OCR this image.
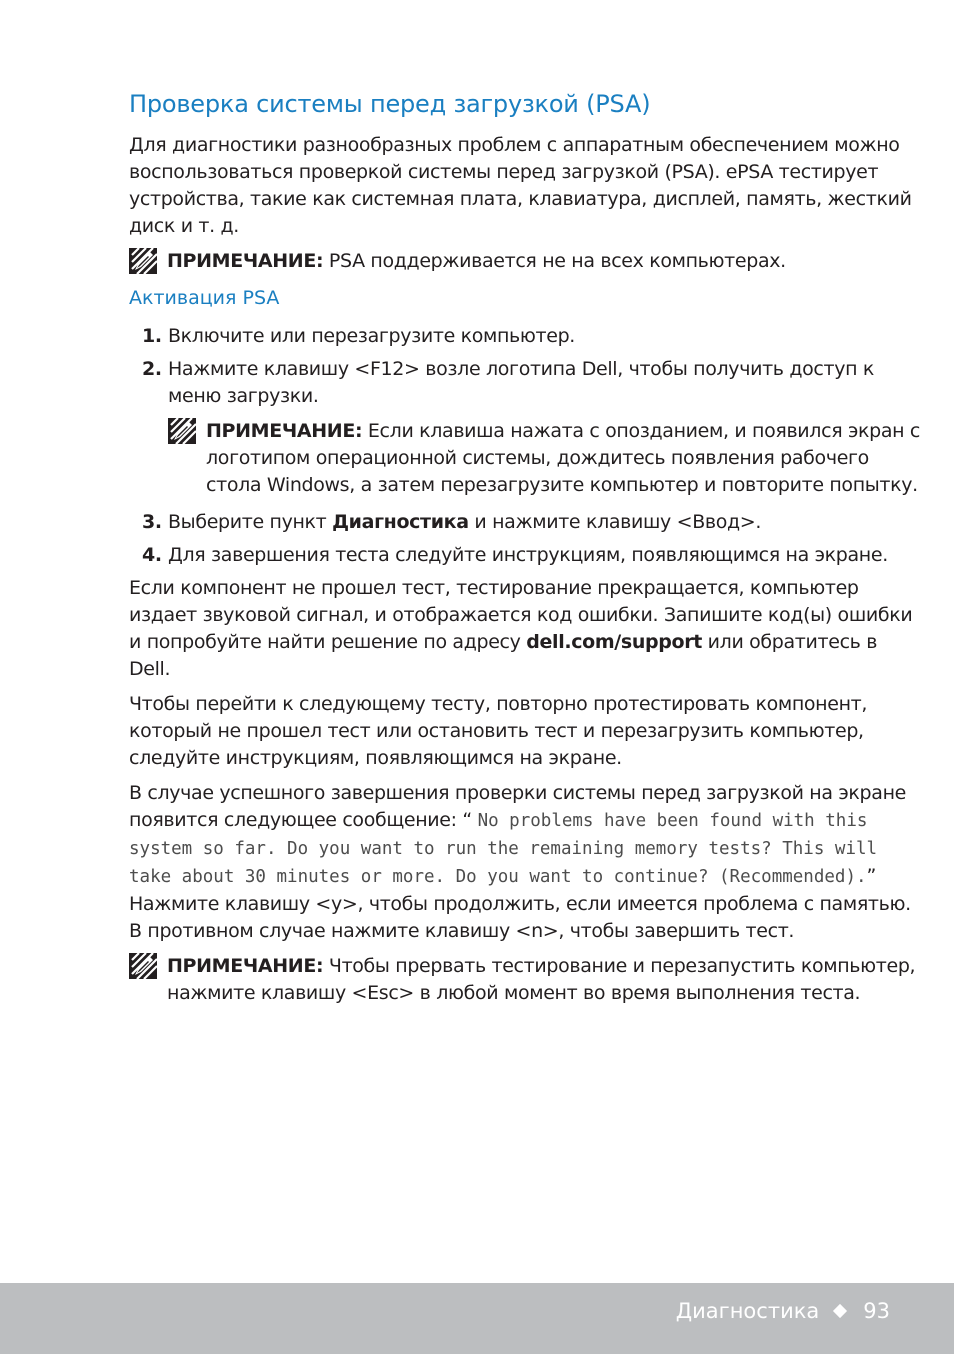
Проверка системы перед загрузкой (PSA)

Для диагностики разнообразных проблем с аппаратным обеспечением можно воспользоваться проверкой системы перед загрузкой (PSA). ePSA тестирует устройства, такие как системная плата, клавиатура, дисплей, память, жесткий диск и т. д.

ПРИМЕЧАНИЕ: PSA поддерживается не на всех компьютерах.
Активация PSA
1. Включите или перезагрузите компьютер.
2. Нажмите клавишу <F12> возле логотипа Dell, чтобы получить доступ к меню загрузки.
ПРИМЕЧАНИЕ: Если клавиша нажата с опозданием, и появился экран с логотипом операционной системы, дождитесь появления рабочего стола Windows, а затем перезагрузите компьютер и повторите попытку.
3. Выберите пункт Диагностика и нажмите клавишу <Ввод>.
4. Для завершения теста следуйте инструкциям, появляющимся на экране.

Если компонент не прошел тест, тестирование прекращается, компьютер издает звуковой сигнал, и отображается код ошибки. Запишите код(ы) ошибки и попробуйте найти решение по адресу dell.com/support или обратитесь в Dell.

Чтобы перейти к следующему тесту, повторно протестировать компонент, который не прошел тест или остановить тест и перезагрузить компьютер, следуйте инструкциям, появляющимся на экране.

В случае успешного завершения проверки системы перед загрузкой на экране появится следующее сообщение: “ No problems have been found with this system so far. Do you want to run the remaining memory tests? This will take about 30 minutes or more. Do you want to continue? (Recommended).” Нажмите клавишу <y>, чтобы продолжить, если имеется проблема с памятью. В противном случае нажмите клавишу <n>, чтобы завершить тест.

ПРИМЕЧАНИЕ: Чтобы прервать тестирование и перезапустить компьютер, нажмите клавишу <Esc> в любой момент во время выполнения теста.
Диагностика 93
